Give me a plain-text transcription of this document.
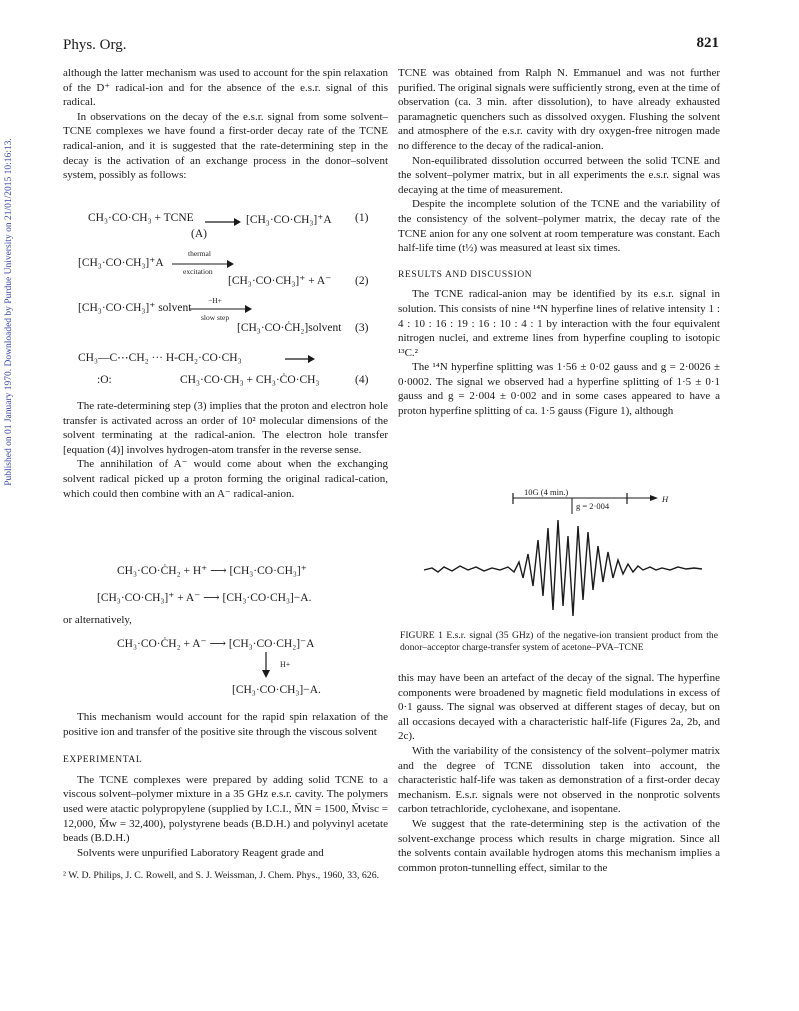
Published on 01 January 1970. Downloaded by Purdue University on 21/01/2015 10:16:13.
Phys. Org.	821

although the latter mechanism was used to account for the spin relaxation of the D⁺ radical-ion and for the absence of the e.s.r. signal of this radical.

In observations on the decay of the e.s.r. signal from some solvent–TCNE complexes we have found a first-order decay rate of the TCNE radical-anion, and it is suggested that the rate-determining step in the decay is the activation of an exchange process in the donor–solvent system, possibly as follows:

CH₃·CO·CH₃ + TCNE → [CH₃·CO·CH₃]⁺A (1)
(A)
[CH₃·CO·CH₃]⁺A
thermal
excitation
[CH₃·CO·CH₃]⁺ + A⁻ (2)
[CH₃·CO·CH₃]⁺ solvent
−H+
slow step
[CH₃·CO·ĊH₂]solvent (3)
CH₃—C⋯CH₂ ··· H-CH₂·CO·CH₃
:O:	CH₃·CO·CH₃ + CH₃·ĊO·CH₃	(4)

The rate-determining step (3) implies that the proton and electron hole transfer is activated across an order of 10² molecular dimensions of the solvent terminating at the radical-anion. The electron hole transfer [equation (4)] involves hydrogen-atom transfer in the reverse sense.

The annihilation of A⁻ would come about when the exchanging solvent radical picked up a proton forming the original radical-cation, which could then combine with an A⁻ radical-anion.

CH₃·CO·ĊH₂ + H⁺ ⟶ [CH₃·CO·CH₃]⁺
[CH₃·CO·CH₃]⁺ + A⁻ ⟶ [CH₃·CO·CH₃]−A.
or alternatively,
CH₃·CO·ĊH₂ + A⁻ ⟶ [CH₃·CO·CH₂]⁻A
H+
[CH₃·CO·CH₃]−A.

This mechanism would account for the rapid spin relaxation of the positive ion and transfer of the positive site through the viscous solvent

EXPERIMENTAL

The TCNE complexes were prepared by adding solid TCNE to a viscous solvent–polymer mixture in a 35 GHz e.s.r. cavity. The polymers used were atactic polypropylene (supplied by I.C.I., M̄N = 1500, M̄visc = 12,000, M̄w = 32,400), polystyrene beads (B.D.H.) and polyvinyl acetate beads (B.D.H.)

Solvents were unpurified Laboratory Reagent grade and

² W. D. Philips, J. C. Rowell, and S. J. Weissman, J. Chem. Phys., 1960, 33, 626.

TCNE was obtained from Ralph N. Emmanuel and was not further purified. The original signals were sufficiently strong, even at the time of observation (ca. 3 min. after dissolution), to have already exhausted paramagnetic quenchers such as dissolved oxygen. Flushing the solvent and atmosphere of the e.s.r. cavity with dry oxygen-free nitrogen made no difference to the decay of the radical-anion.

Non-equilibrated dissolution occurred between the solid TCNE and the solvent–polymer matrix, but in all experiments the e.s.r. signal was decaying at the time of measurement.

Despite the incomplete solution of the TCNE and the variability of the consistency of the solvent–polymer matrix, the decay rate of the TCNE anion for any one solvent at room temperature was constant. Each half-life time (t½) was measured at least six times.

RESULTS AND DISCUSSION

The TCNE radical-anion may be identified by its e.s.r. signal in solution. This consists of nine ¹⁴N hyperfine lines of relative intensity 1 : 4 : 10 : 16 : 19 : 16 : 10 : 4 : 1 by interaction with the four equivalent nitrogen nuclei, and extreme lines from hyperfine coupling to isotopic ¹³C.²

The ¹⁴N hyperfine splitting was 1·56 ± 0·02 gauss and g = 2·0026 ± 0·0002. The signal we observed had a hyperfine splitting of 1·5 ± 0·1 gauss and g = 2·004 ± 0·002 and in some cases appeared to have a proton hyperfine splitting of ca. 1·5 gauss (Figure 1), although

10G (4 min.)
H
g = 2·004
FIGURE 1 E.s.r. signal (35 GHz) of the negative-ion transient product from the donor–acceptor charge-transfer system of acetone–PVA–TCNE

this may have been an artefact of the decay of the signal. The hyperfine components were broadened by magnetic field modulations in excess of 0·1 gauss. The signal was observed at different stages of decay, but on all occasions decayed with a characteristic half-life (Figures 2a, 2b, and 2c).

With the variability of the consistency of the solvent–polymer matrix and the degree of TCNE dissolution taken into account, the characteristic half-life was taken as demonstration of a first-order decay mechanism. E.s.r. signals were not observed in the nonprotic solvents carbon tetrachloride, cyclohexane, and isopentane.

We suggest that the rate-determining step is the activation of the solvent-exchange process which results in charge migration. Since all the solvents contain available hydrogen atoms this mechanism implies a common proton-tunnelling effect, similar to the
